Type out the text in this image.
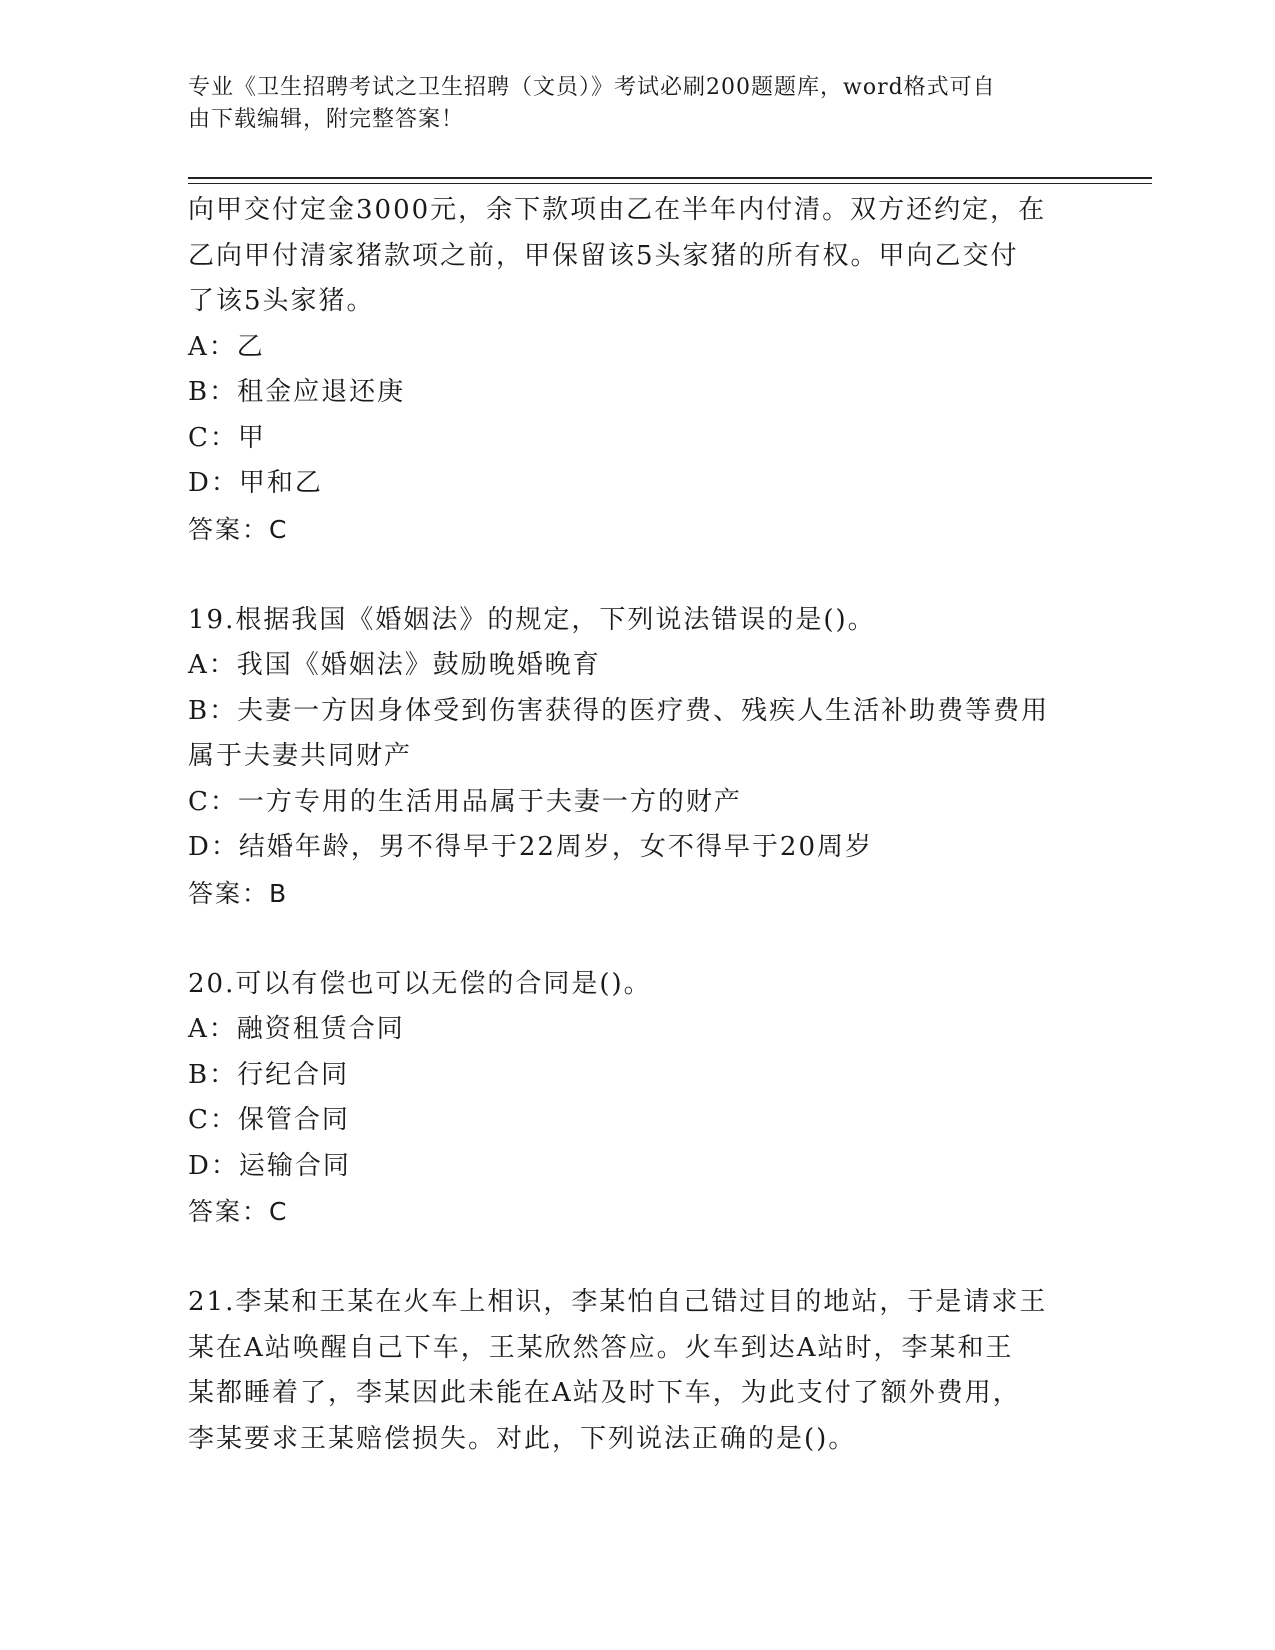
专业《卫生招聘考试之卫生招聘（文员）》考试必刷200题题库，word格式可自
由下载编辑，附完整答案！
向甲交付定金3000元，余下款项由乙在半年内付清。双方还约定，在
乙向甲付清家猪款项之前，甲保留该5头家猪的所有权。甲向乙交付
了该5头家猪。
A：乙
B：租金应退还庚
C：甲
D：甲和乙
答案：C
19.根据我国《婚姻法》的规定，下列说法错误的是()。
A：我国《婚姻法》鼓励晚婚晚育
B：夫妻一方因身体受到伤害获得的医疗费、残疾人生活补助费等费用
属于夫妻共同财产
C：一方专用的生活用品属于夫妻一方的财产
D：结婚年龄，男不得早于22周岁，女不得早于20周岁
答案：B
20.可以有偿也可以无偿的合同是()。
A：融资租赁合同
B：行纪合同
C：保管合同
D：运输合同
答案：C
21.李某和王某在火车上相识，李某怕自己错过目的地站，于是请求王
某在A站唤醒自己下车，王某欣然答应。火车到达A站时，李某和王
某都睡着了，李某因此未能在A站及时下车，为此支付了额外费用，
李某要求王某赔偿损失。对此，下列说法正确的是()。
